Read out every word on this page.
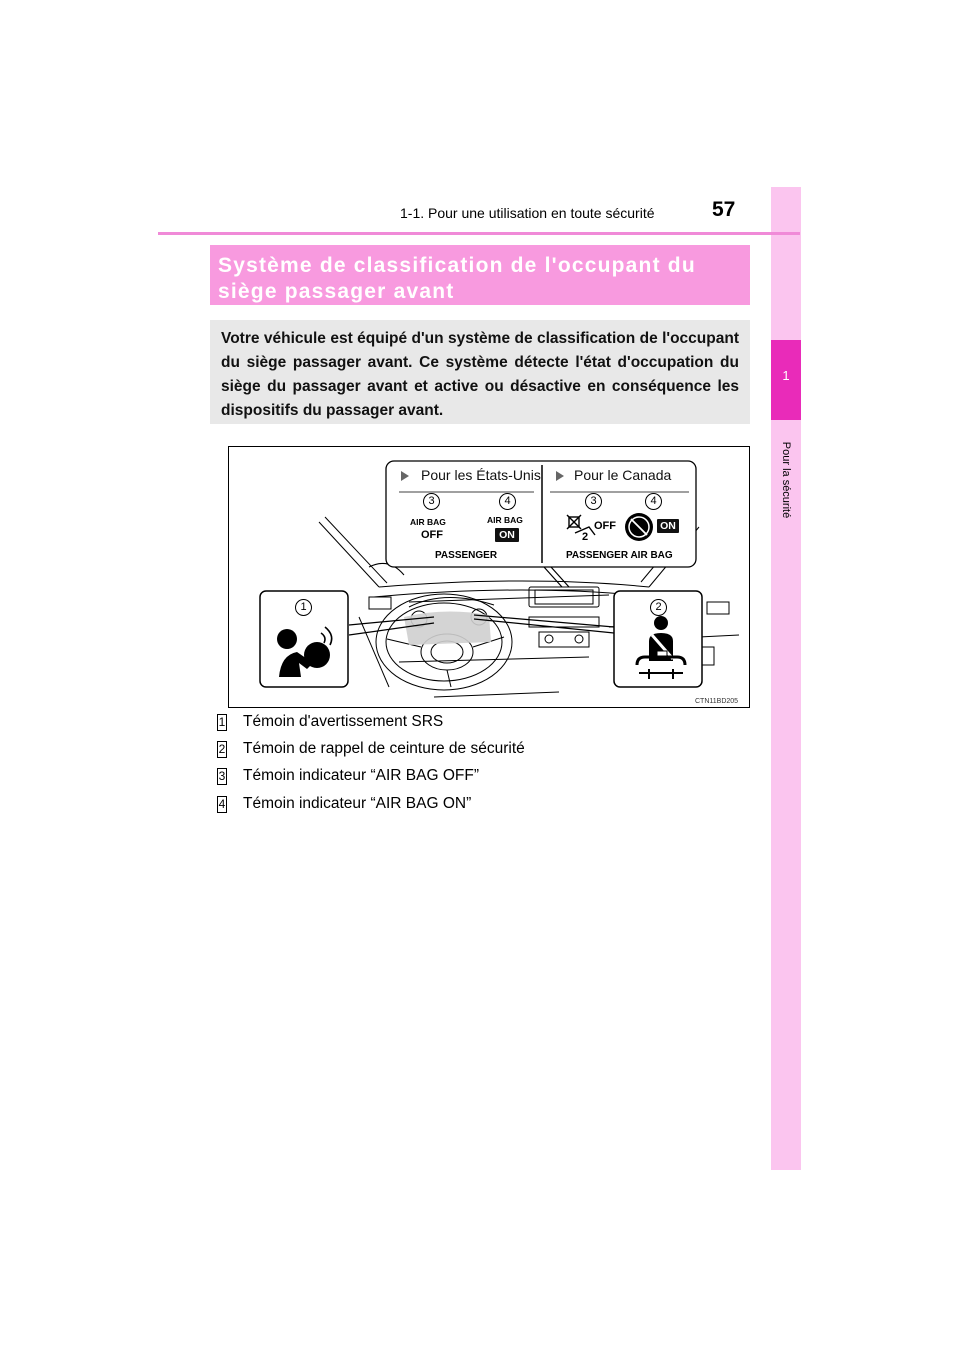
1
Pour la sécurité
1-1. Pour une utilisation en toute sécurité	57
Système de classification de l'occupant du siège passager avant
Votre véhicule est équipé d'un système de classification de l'occupant du siège passager avant. Ce système détecte l'état d'occupation du siège du passager avant et active ou désactive en conséquence les dispositifs du passager avant.
Pour les États-Unis Pour le Canada
AIR BAG
OFF
AIR BAG
ON
PASSENGER
OFF
2
ON
PASSENGER AIR BAG
1	2
3	4	3	4
CTN11BD205
1 Témoin d'avertissement SRS
2 Témoin de rappel de ceinture de sécurité
3 Témoin indicateur “AIR BAG OFF”
4 Témoin indicateur “AIR BAG ON”
